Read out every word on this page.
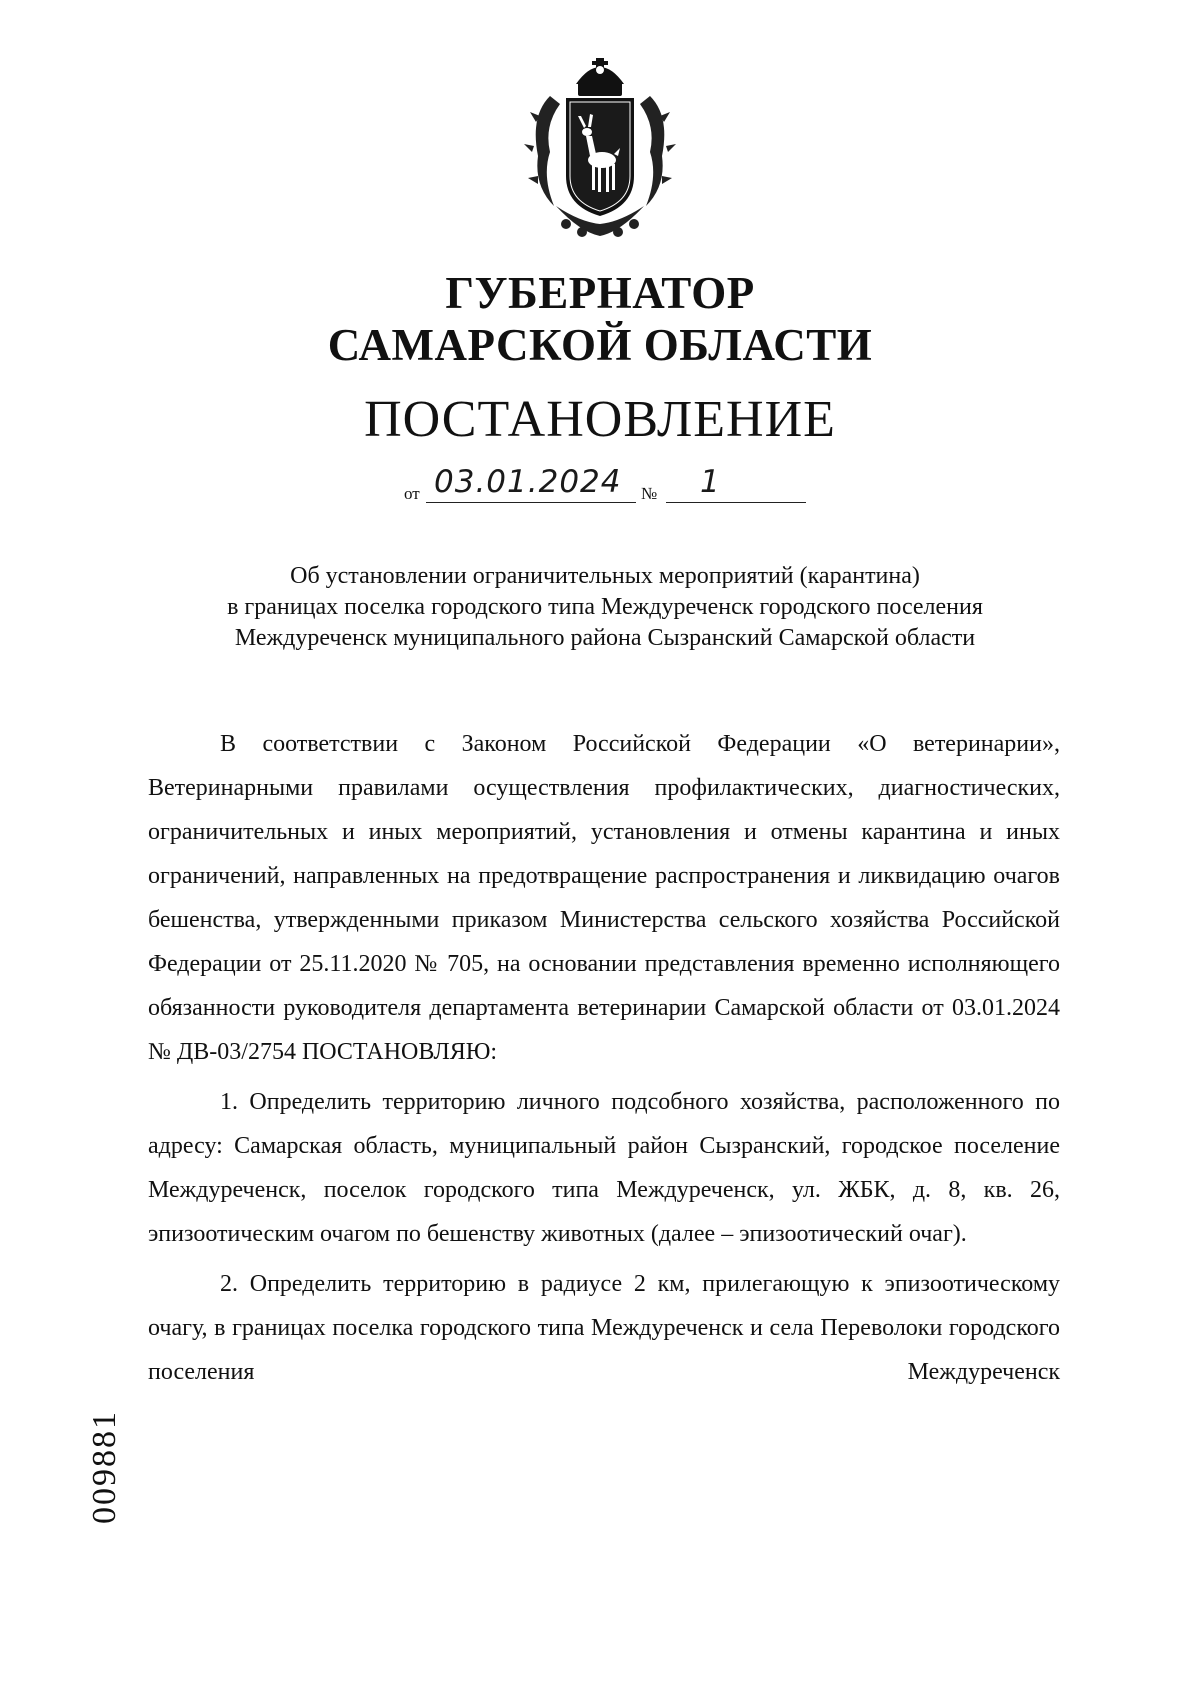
ГУБЕРНАТОР
САМАРСКОЙ ОБЛАСТИ
ПОСТАНОВЛЕНИЕ
от 03.01.2024 № 1
Об установлении ограничительных мероприятий (карантина)
в границах поселка городского типа Междуреченск городского поселения
Междуреченск муниципального района Сызранский Самарской области

В соответствии с Законом Российской Федерации «О ветеринарии», Ветеринарными правилами осуществления профилактических, диагностических, ограничительных и иных мероприятий, установления и отмены карантина и иных ограничений, направленных на предотвращение распространения и ликвидацию очагов бешенства, утвержденными приказом Министерства сельского хозяйства Российской Федерации от 25.11.2020 № 705, на основании представления временно исполняющего обязанности руководителя департамента ветеринарии Самарской области от 03.01.2024 № ДВ-03/2754 ПОСТАНОВЛЯЮ:

1. Определить территорию личного подсобного хозяйства, расположенного по адресу: Самарская область, муниципальный район Сызранский, городское поселение Междуреченск, поселок городского типа Междуреченск, ул. ЖБК, д. 8, кв. 26, эпизоотическим очагом по бешенству животных (далее – эпизоотический очаг).

2. Определить территорию в радиусе 2 км, прилегающую к эпизоотическому очагу, в границах поселка городского типа Междуреченск и села Переволоки городского поселения Междуреченск

009881
